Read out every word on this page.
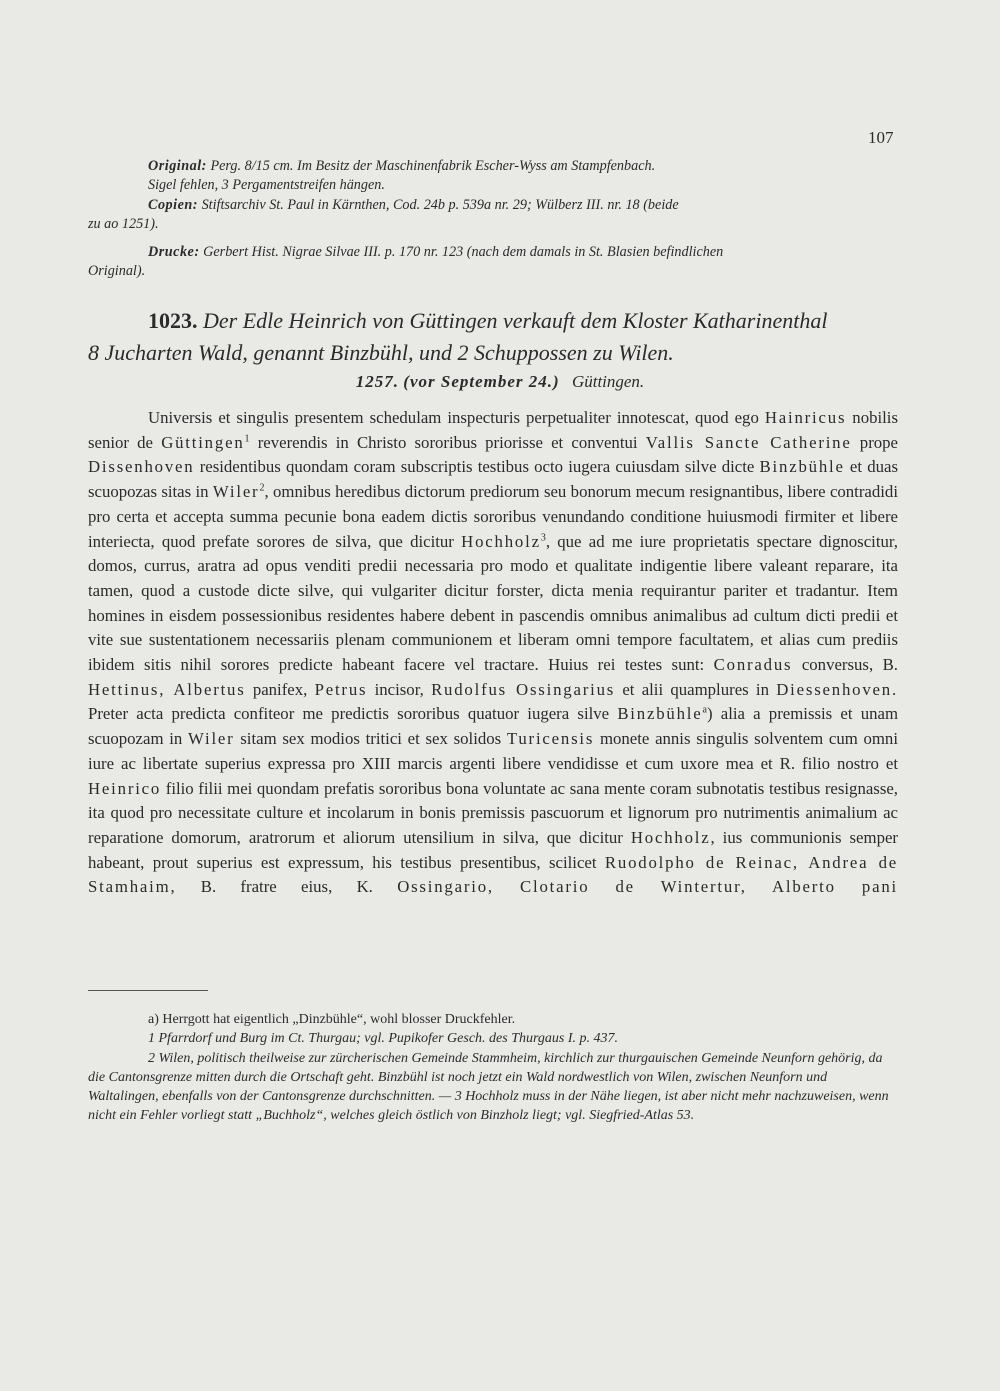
107
Original: Perg. 8/15 cm. Im Besitz der Maschinenfabrik Escher-Wyss am Stampfenbach.
Sigel fehlen, 3 Pergamentstreifen hängen.
Copien: Stiftsarchiv St. Paul in Kärnthen, Cod. 24b p. 539a nr. 29; Wülberz III. nr. 18 (beide
zu ao 1251).
Drucke: Gerbert Hist. Nigrae Silvae III. p. 170 nr. 123 (nach dem damals in St. Blasien befindlichen
Original).
1023. Der Edle Heinrich von Güttingen verkauft dem Kloster Katharinenthal
8 Jucharten Wald, genannt Binzbühl, und 2 Schuppossen zu Wilen.
1257. (vor September 24.) Güttingen.

Universis et singulis presentem schedulam inspecturis perpetualiter innotescat, quod ego Hainricus nobilis senior de Güttingen$^1$ reverendis in Christo sororibus priorisse et conventui Vallis Sancte Catherine prope Dissenhoven residentibus quondam coram subscriptis testibus octo iugera cuiusdam silve dicte Binzbühle et duas scuopozas sitas in Wiler$^2$, omnibus heredibus dictorum prediorum seu bonorum mecum resignantibus, libere contradidi pro certa et accepta summa pecunie bona eadem dictis sororibus venundando conditione huiusmodi firmiter et libere interiecta, quod prefate sorores de silva, que dicitur Hochholz$^3$, que ad me iure proprietatis spectare dignoscitur, domos, currus, aratra ad opus venditi predii necessaria pro modo et qualitate indigentie libere valeant reparare, ita tamen, quod a custode dicte silve, qui vulgariter dicitur forster, dicta menia requirantur pariter et tradantur. Item homines in eisdem possessionibus residentes habere debent in pascendis omnibus animalibus ad cultum dicti predii et vite sue sustentationem necessariis plenam communionem et liberam omni tempore facultatem, et alias cum prediis ibidem sitis nihil sorores predicte habeant facere vel tractare. Huius rei testes sunt: Conradus conversus, B. Hettinus, Albertus panifex, Petrus incisor, Rudolfus Ossingarius et alii quamplures in Diessenhoven. Preter acta predicta confiteor me predictis sororibus quatuor iugera silve Binzbühle$^a$) alia a premissis et unam scuopozam in Wiler sitam sex modios tritici et sex solidos Turicensis monete annis singulis solventem cum omni iure ac libertate superius expressa pro XIII marcis argenti libere vendidisse et cum uxore mea et R. filio nostro et Heinrico filio filii mei quondam prefatis sororibus bona voluntate ac sana mente coram subnotatis testibus resignasse, ita quod pro necessitate culture et incolarum in bonis premissis pascuorum et lignorum pro nutrimentis animalium ac reparatione domorum, aratrorum et aliorum utensilium in silva, que dicitur Hochholz, ius communionis semper habeant, prout superius est expressum, his testibus presentibus, scilicet Ruodolpho de Reinac, Andrea de Stamhaim, B. fratre eius, K. Ossingario, Clotario de Wintertur, Alberto pani

a) Herrgott hat eigentlich „Dinzbühle“, wohl blosser Druckfehler.
1 Pfarrdorf und Burg im Ct. Thurgau; vgl. Pupikofer Gesch. des Thurgaus I. p. 437.
2 Wilen, politisch theilweise zur zürcherischen Gemeinde Stammheim, kirchlich zur thurgauischen Gemeinde Neunforn gehörig, da die Cantonsgrenze mitten durch die Ortschaft geht. Binzbühl ist noch jetzt ein Wald nordwestlich von Wilen, zwischen Neunforn und Waltalingen, ebenfalls von der Cantonsgrenze durchschnitten. — 3 Hochholz muss in der Nähe liegen, ist aber nicht mehr nachzuweisen, wenn nicht ein Fehler vorliegt statt „Buchholz“, welches gleich östlich von Binzholz liegt; vgl. Siegfried-Atlas 53.
